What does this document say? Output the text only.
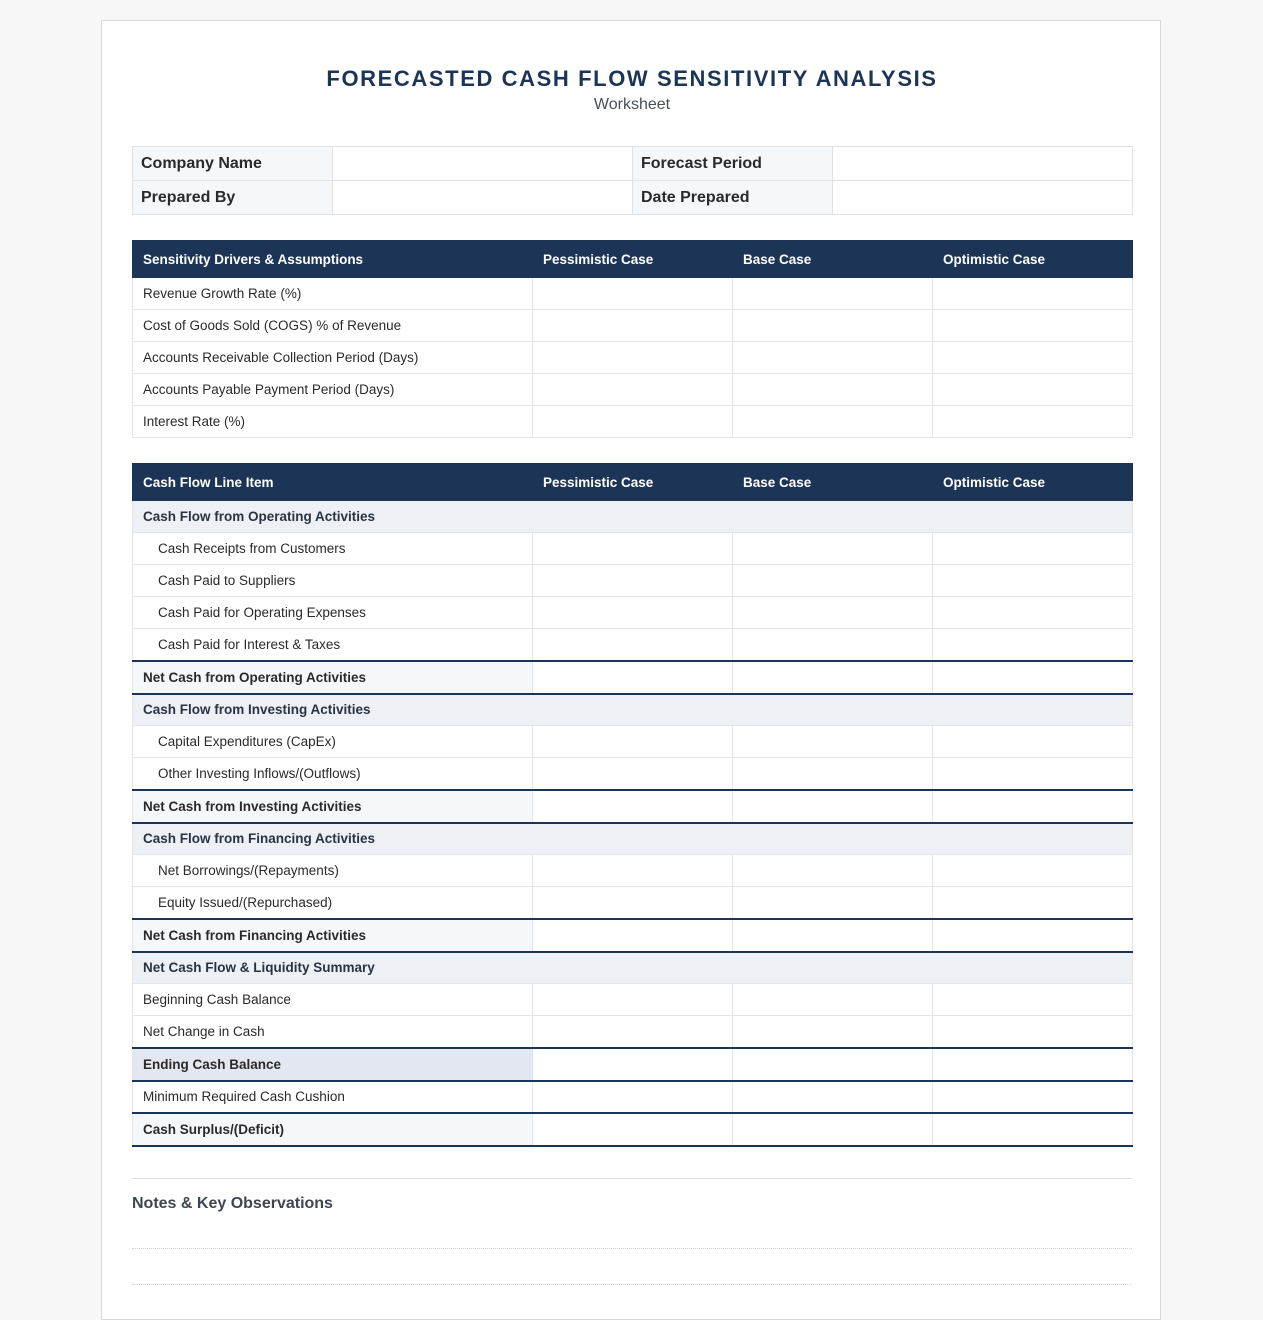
FORECASTED CASH FLOW SENSITIVITY ANALYSIS
Worksheet
Company Name		Forecast Period	
Prepared By		Date Prepared	
Sensitivity Drivers & Assumptions	Pessimistic Case	Base Case	Optimistic Case
Revenue Growth Rate (%)			
Cost of Goods Sold (COGS) % of Revenue			
Accounts Receivable Collection Period (Days)			
Accounts Payable Payment Period (Days)			
Interest Rate (%)			
Cash Flow Line Item	Pessimistic Case	Base Case	Optimistic Case
Cash Flow from Operating Activities			
Cash Receipts from Customers			
Cash Paid to Suppliers			
Cash Paid for Operating Expenses			
Cash Paid for Interest & Taxes			
Net Cash from Operating Activities			
Cash Flow from Investing Activities			
Capital Expenditures (CapEx)			
Other Investing Inflows/(Outflows)			
Net Cash from Investing Activities			
Cash Flow from Financing Activities			
Net Borrowings/(Repayments)			
Equity Issued/(Repurchased)			
Net Cash from Financing Activities			
Net Cash Flow & Liquidity Summary			
Beginning Cash Balance			
Net Change in Cash			
Ending Cash Balance			
Minimum Required Cash Cushion			
Cash Surplus/(Deficit)			
Notes & Key Observations
